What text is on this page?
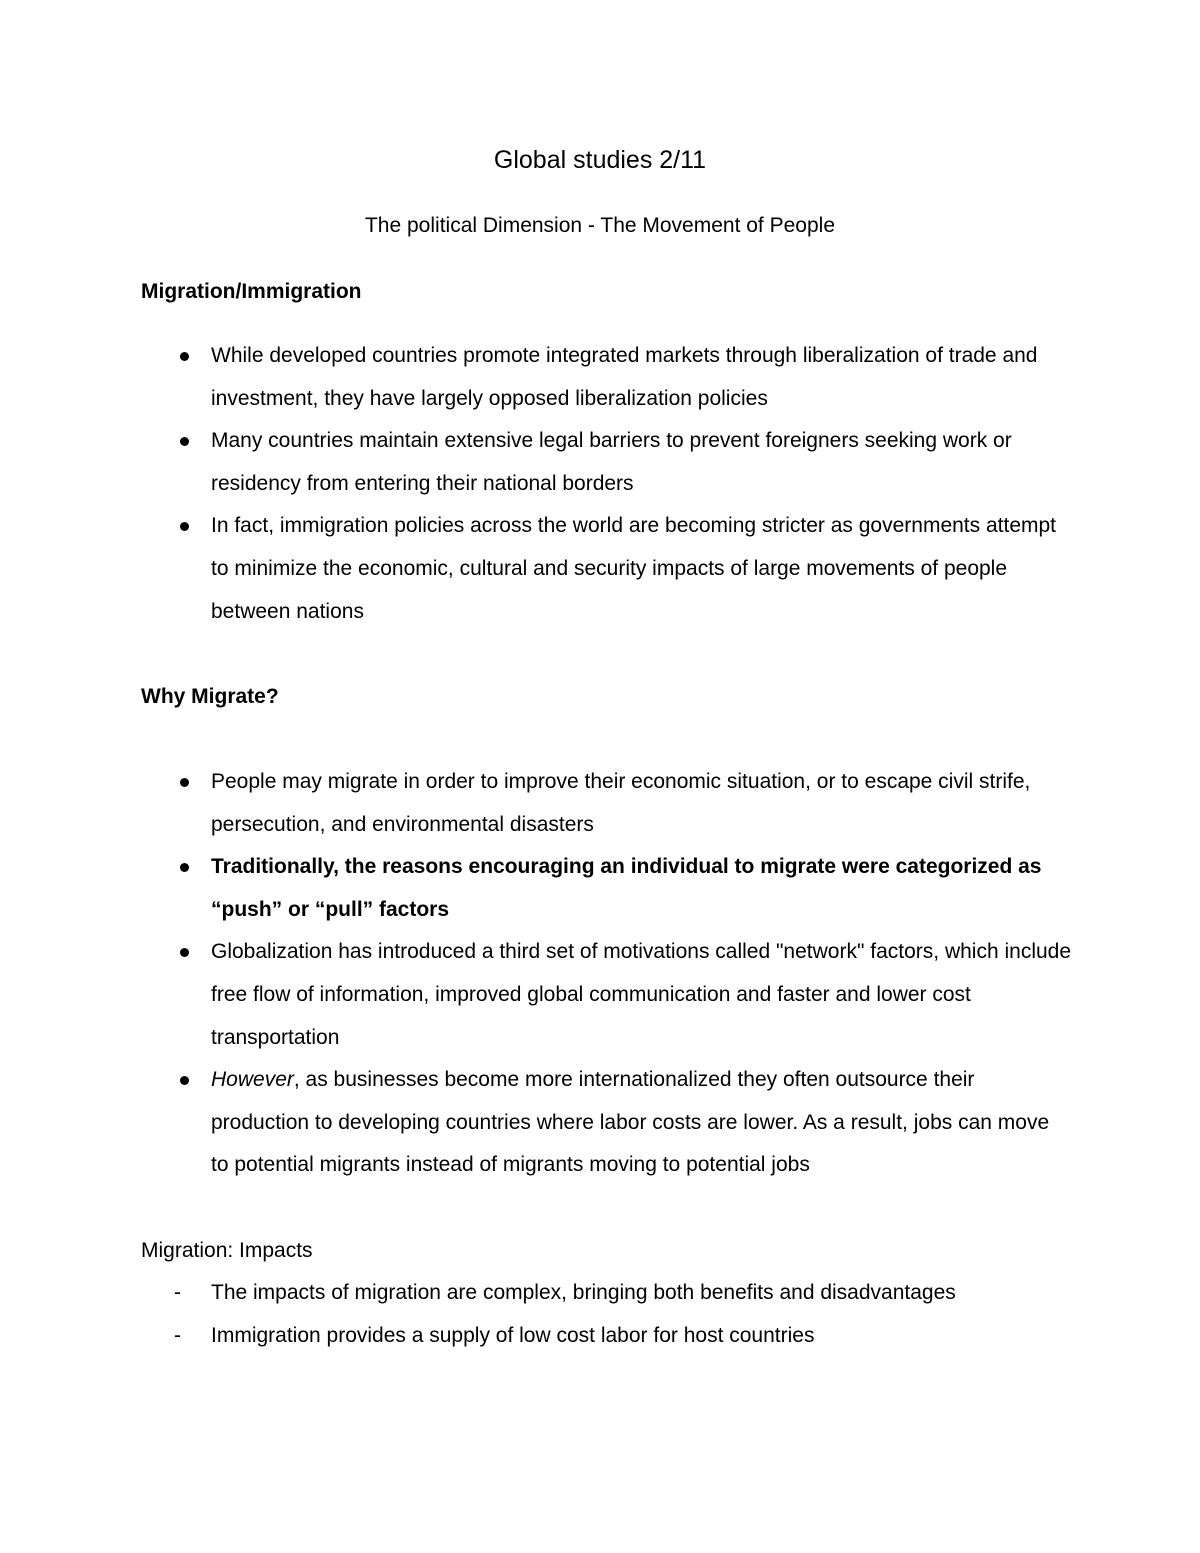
Global studies 2/11
The political Dimension - The Movement of People
Migration/Immigration
While developed countries promote integrated markets through liberalization of trade and investment, they have largely opposed liberalization policies
Many countries maintain extensive legal barriers to prevent foreigners seeking work or residency from entering their national borders
In fact, immigration policies across the world are becoming stricter as governments attempt to minimize the economic, cultural and security impacts of large movements of people between nations
Why Migrate?
People may migrate in order to improve their economic situation, or to escape civil strife, persecution, and environmental disasters
Traditionally, the reasons encouraging an individual to migrate were categorized as “push” or “pull” factors
Globalization has introduced a third set of motivations called "network" factors, which include free flow of information, improved global communication and faster and lower cost transportation
However, as businesses become more internationalized they often outsource their production to developing countries where labor costs are lower. As a result, jobs can move to potential migrants instead of migrants moving to potential jobs
Migration: Impacts
- The impacts of migration are complex, bringing both benefits and disadvantages
- Immigration provides a supply of low cost labor for host countries
